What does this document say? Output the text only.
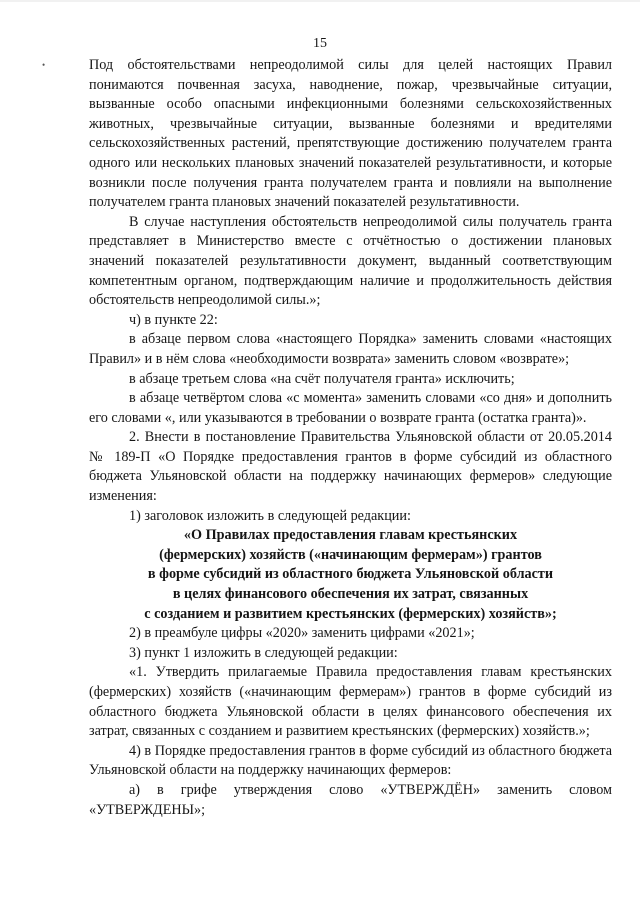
•
15

Под обстоятельствами непреодолимой силы для целей настоящих Правил понимаются почвенная засуха, наводнение, пожар, чрезвычайные ситуации, вызванные особо опасными инфекционными болезнями сельскохозяйственных животных, чрезвычайные ситуации, вызванные болезнями и вредителями сельскохозяйственных растений, препятствующие достижению получателем гранта одного или нескольких плановых значений показателей результативности, и которые возникли после получения гранта получателем гранта и повлияли на выполнение получателем гранта плановых значений показателей результативности.

В случае наступления обстоятельств непреодолимой силы получатель гранта представляет в Министерство вместе с отчётностью о достижении плановых значений показателей результативности документ, выданный соответствующим компетентным органом, подтверждающим наличие и продолжительность действия обстоятельств непреодолимой силы.»;

ч) в пункте 22:

в абзаце первом слова «настоящего Порядка» заменить словами «настоящих Правил» и в нём слова «необходимости возврата» заменить словом «возврате»;

в абзаце третьем слова «на счёт получателя гранта» исключить;

в абзаце четвёртом слова «с момента» заменить словами «со дня» и дополнить его словами «, или указываются в требовании о возврате гранта (остатка гранта)».

2. Внести в постановление Правительства Ульяновской области от 20.05.2014 № 189-П «О Порядке предоставления грантов в форме субсидий из областного бюджета Ульяновской области на поддержку начинающих фермеров» следующие изменения:

1) заголовок изложить в следующей редакции:

«О Правилах предоставления главам крестьянских

(фермерских) хозяйств («начинающим фермерам») грантов

в форме субсидий из областного бюджета Ульяновской области

в целях финансового обеспечения их затрат, связанных

с созданием и развитием крестьянских (фермерских) хозяйств»;

2) в преамбуле цифры «2020» заменить цифрами «2021»;

3) пункт 1 изложить в следующей редакции:

«1. Утвердить прилагаемые Правила предоставления главам крестьянских (фермерских) хозяйств («начинающим фермерам») грантов в форме субсидий из областного бюджета Ульяновской области в целях финансового обеспечения их затрат, связанных с созданием и развитием крестьянских (фермерских) хозяйств.»;

4) в Порядке предоставления грантов в форме субсидий из областного бюджета Ульяновской области на поддержку начинающих фермеров:

а) в грифе утверждения слово «УТВЕРЖДЁН» заменить словом «УТВЕРЖДЕНЫ»;
